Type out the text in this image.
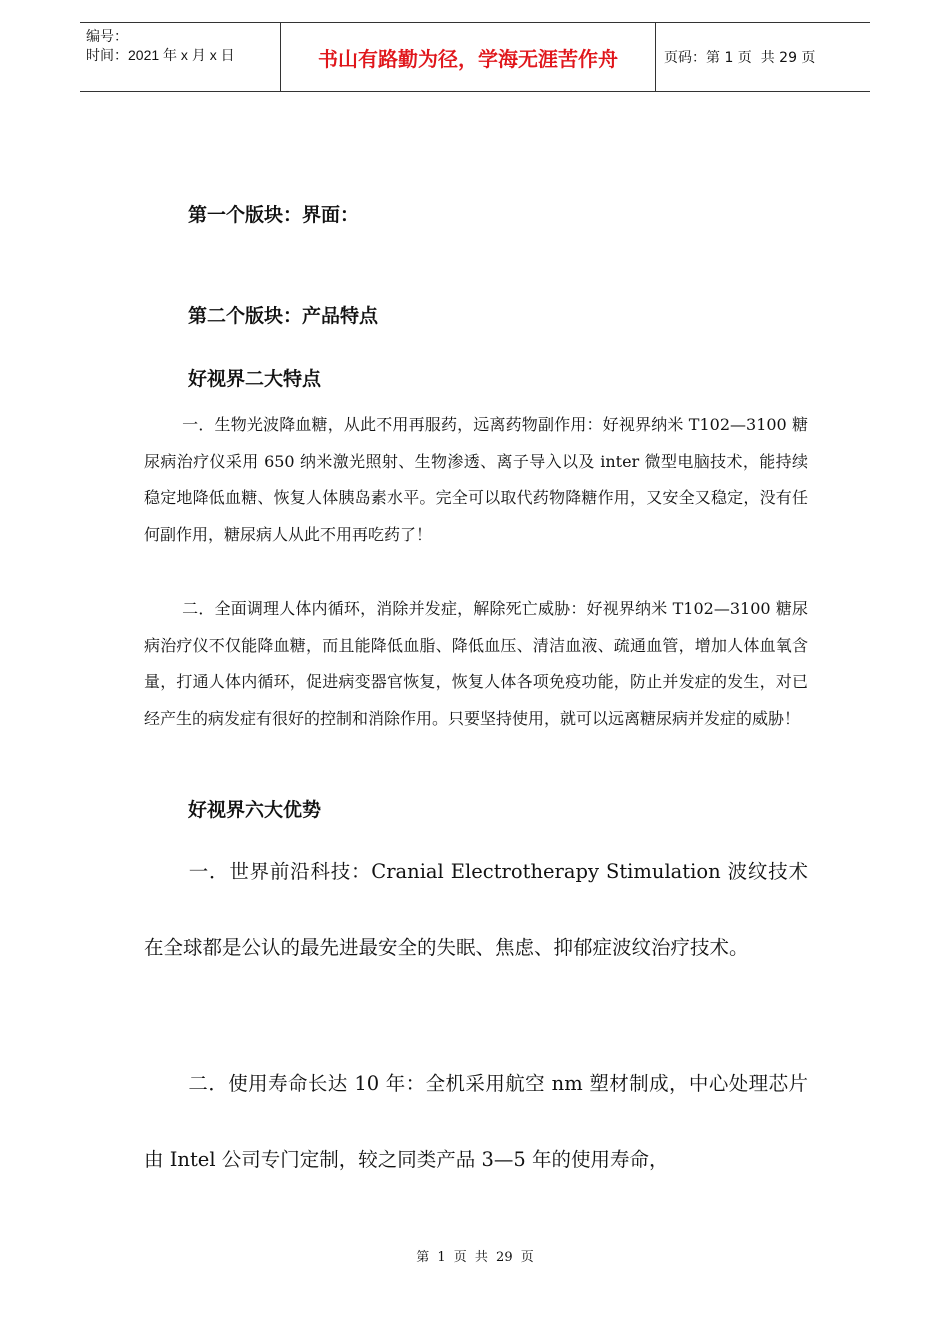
编号：
时间：2021 年 x 月 x 日	书山有路勤为径，学海无涯苦作舟	页码：第 1 页  共 29 页
第一个版块：界面：
第二个版块：产品特点
好视界二大特点
一．生物光波降血糖，从此不用再服药，远离药物副作用：好视界纳米 T102—3100 糖尿病治疗仪采用 650 纳米激光照射、生物渗透、离子导入以及 inter 微型电脑技术，能持续稳定地降低血糖、恢复人体胰岛素水平。完全可以取代药物降糖作用，又安全又稳定，没有任何副作用，糖尿病人从此不用再吃药了！
二．全面调理人体内循环，消除并发症，解除死亡威胁：好视界纳米 T102—3100 糖尿病治疗仪不仅能降血糖，而且能降低血脂、降低血压、清洁血液、疏通血管，增加人体血氧含量，打通人体内循环，促进病变器官恢复，恢复人体各项免疫功能，防止并发症的发生，对已经产生的病发症有很好的控制和消除作用。只要坚持使用，就可以远离糖尿病并发症的威胁！
好视界六大优势
一．世界前沿科技：Cranial Electrotherapy Stimulation 波纹技术在全球都是公认的最先进最安全的失眠、焦虑、抑郁症波纹治疗技术。
二．使用寿命长达 10 年：全机采用航空 nm 塑材制成，中心处理芯片由 Intel 公司专门定制，较之同类产品 3—5 年的使用寿命，
第 1 页 共 29 页
